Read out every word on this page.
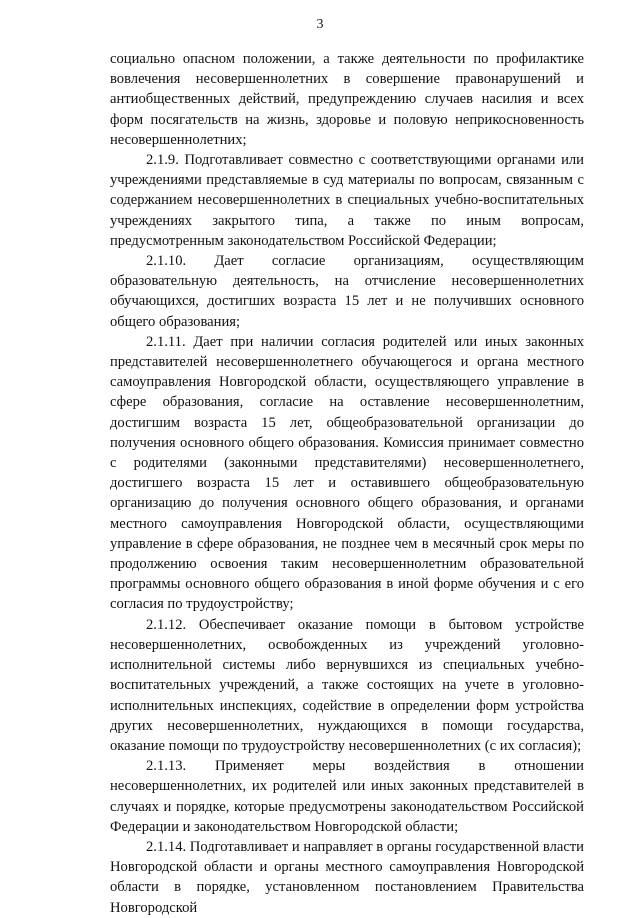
3

социально опасном положении, а также деятельности по профилактике вовлечения несовершеннолетних в совершение правонарушений и антиобщественных действий, предупреждению случаев насилия и всех форм посягательств на жизнь, здоровье и половую неприкосновенность несовершеннолетних;

2.1.9. Подготавливает совместно с соответствующими органами или учреждениями представляемые в суд материалы по вопросам, связанным с содержанием несовершеннолетних в специальных учебно-воспитательных учреждениях закрытого типа, а также по иным вопросам, предусмотренным законодательством Российской Федерации;

2.1.10. Дает согласие организациям, осуществляющим образовательную деятельность, на отчисление несовершеннолетних обучающихся, достигших возраста 15 лет и не получивших основного общего образования;

2.1.11. Дает при наличии согласия родителей или иных законных представителей несовершеннолетнего обучающегося и органа местного самоуправления Новгородской области, осуществляющего управление в сфере образования, согласие на оставление несовершеннолетним, достигшим возраста 15 лет, общеобразовательной организации до получения основного общего образования. Комиссия принимает совместно с родителями (законными представителями) несовершеннолетнего, достигшего возраста 15 лет и оставившего общеобразовательную организацию до получения основного общего образования, и органами местного самоуправления Новгородской области, осуществляющими управление в сфере образования, не позднее чем в месячный срок меры по продолжению освоения таким несовершеннолетним образовательной программы основного общего образования в иной форме обучения и с его согласия по трудоустройству;

2.1.12. Обеспечивает оказание помощи в бытовом устройстве несовершеннолетних, освобожденных из учреждений уголовно-исполнительной системы либо вернувшихся из специальных учебно-воспитательных учреждений, а также состоящих на учете в уголовно-исполнительных инспекциях, содействие в определении форм устройства других несовершеннолетних, нуждающихся в помощи государства, оказание помощи по трудоустройству несовершеннолетних (с их согласия);

2.1.13. Применяет меры воздействия в отношении несовершеннолетних, их родителей или иных законных представителей в случаях и порядке, которые предусмотрены законодательством Российской Федерации и законодательством Новгородской области;

2.1.14. Подготавливает и направляет в органы государственной власти Новгородской области и органы местного самоуправления Новгородской области в порядке, установленном постановлением Правительства Новгородской
